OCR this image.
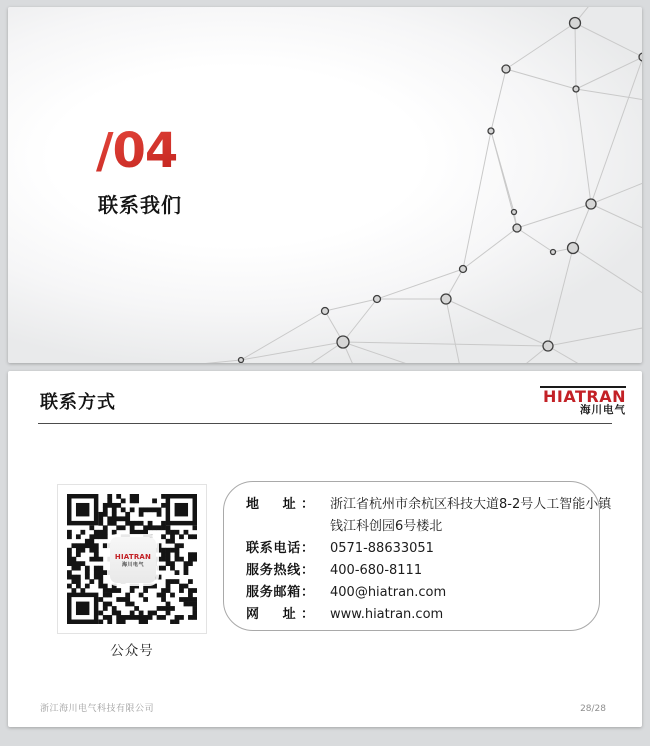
/04
联系我们
联系方式	HIATRAN
海川电气
HIATRAN
海川电气
公众号
地　址： 浙江省杭州市余杭区科技大道8-2号人工智能小镇
钱江科创园6号楼北
联系电话： 0571-88633051
服务热线： 400-680-8111
服务邮箱： 400@hiatran.com
网　址： www.hiatran.com
浙江海川电气科技有限公司	28/28
